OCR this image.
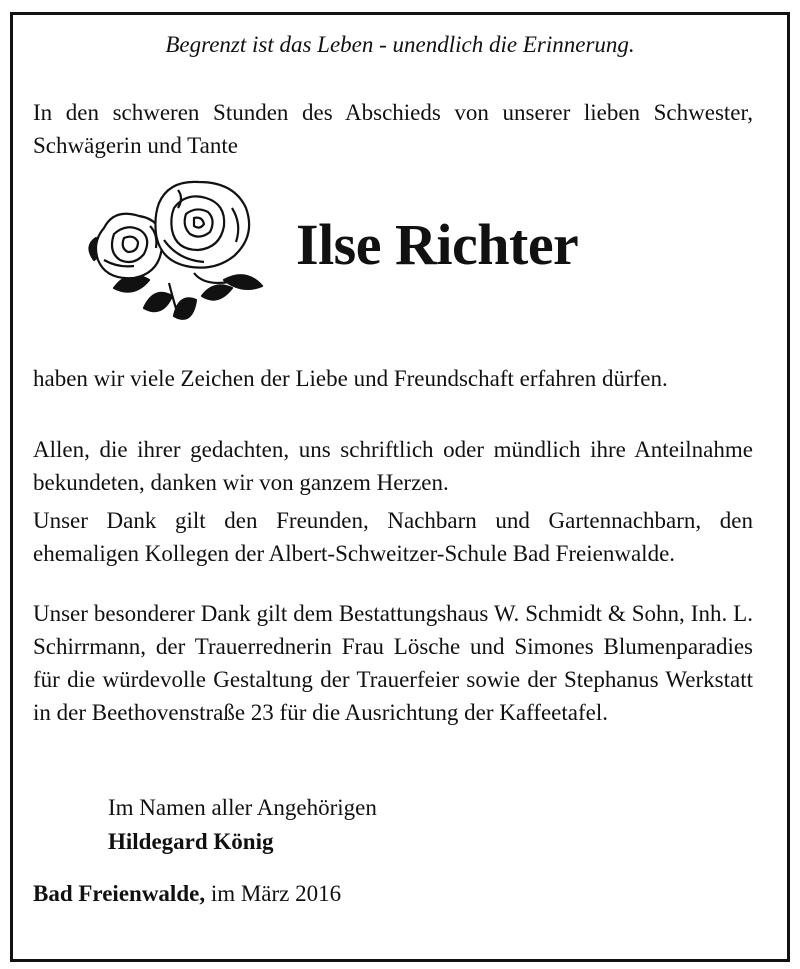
Begrenzt ist das Leben - unendlich die Erinnerung.

In den schweren Stunden des Abschieds von unserer lieben Schwester, Schwägerin und Tante

Ilse Richter

haben wir viele Zeichen der Liebe und Freundschaft erfahren dürfen.

Allen, die ihrer gedachten, uns schriftlich oder mündlich ihre Anteilnahme bekundeten, danken wir von ganzem Herzen.

Unser Dank gilt den Freunden, Nachbarn und Gartennachbarn, den ehemaligen Kollegen der Albert-Schweitzer-Schule Bad Freienwalde.

Unser besonderer Dank gilt dem Bestattungshaus W. Schmidt & Sohn, Inh. L. Schirrmann, der Trauerrednerin Frau Lösche und Simones Blumenparadies für die würdevolle Gestaltung der Trauerfeier sowie der Stephanus Werkstatt in der Beethovenstraße 23 für die Ausrichtung der Kaffeetafel.

Im Namen aller Angehörigen
Hildegard König
Bad Freienwalde, im März 2016
